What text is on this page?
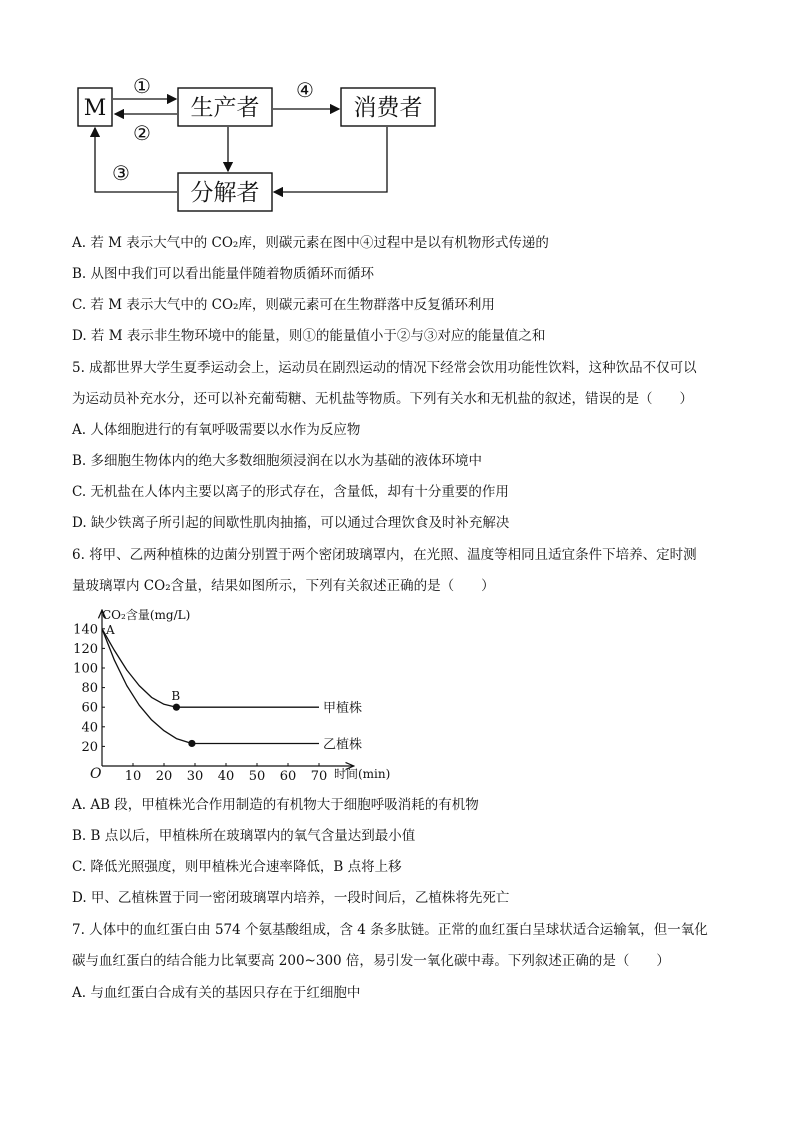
M	生产者	消费者
分解者
①
②
④
③
A. 若 M 表示大气中的 CO₂库，则碳元素在图中④过程中是以有机物形式传递的
B. 从图中我们可以看出能量伴随着物质循环而循环
C. 若 M 表示大气中的 CO₂库，则碳元素可在生物群落中反复循环利用
D. 若 M 表示非生物环境中的能量，则①的能量值小于②与③对应的能量值之和
5. 成都世界大学生夏季运动会上，运动员在剧烈运动的情况下经常会饮用功能性饮料，这种饮品不仅可以
为运动员补充水分，还可以补充葡萄糖、无机盐等物质。下列有关水和无机盐的叙述，错误的是（　　）
A. 人体细胞进行的有氧呼吸需要以水作为反应物
B. 多细胞生物体内的绝大多数细胞须浸润在以水为基础的液体环境中
C. 无机盐在人体内主要以离子的形式存在，含量低，却有十分重要的作用
D. 缺少铁离子所引起的间歇性肌肉抽搐，可以通过合理饮食及时补充解决
6. 将甲、乙两种植株的边菌分别置于两个密闭玻璃罩内，在光照、温度等相同且适宜条件下培养、定时测
量玻璃罩内 CO₂含量，结果如图所示，下列有关叙述正确的是（　　）
CO₂含量(mg/L)
时间(min)
O 10 20 30 40 50 60 70
20
40
60
80
100
120
140
甲植株
乙植株
A
B
A. AB 段，甲植株光合作用制造的有机物大于细胞呼吸消耗的有机物
B. B 点以后，甲植株所在玻璃罩内的氧气含量达到最小值
C. 降低光照强度，则甲植株光合速率降低，B 点将上移
D. 甲、乙植株置于同一密闭玻璃罩内培养，一段时间后，乙植株将先死亡
7. 人体中的血红蛋白由 574 个氨基酸组成，含 4 条多肽链。正常的血红蛋白呈球状适合运输氧，但一氧化
碳与血红蛋白的结合能力比氧要高 200~300 倍，易引发一氧化碳中毒。下列叙述正确的是（　　）
A. 与血红蛋白合成有关的基因只存在于红细胞中
